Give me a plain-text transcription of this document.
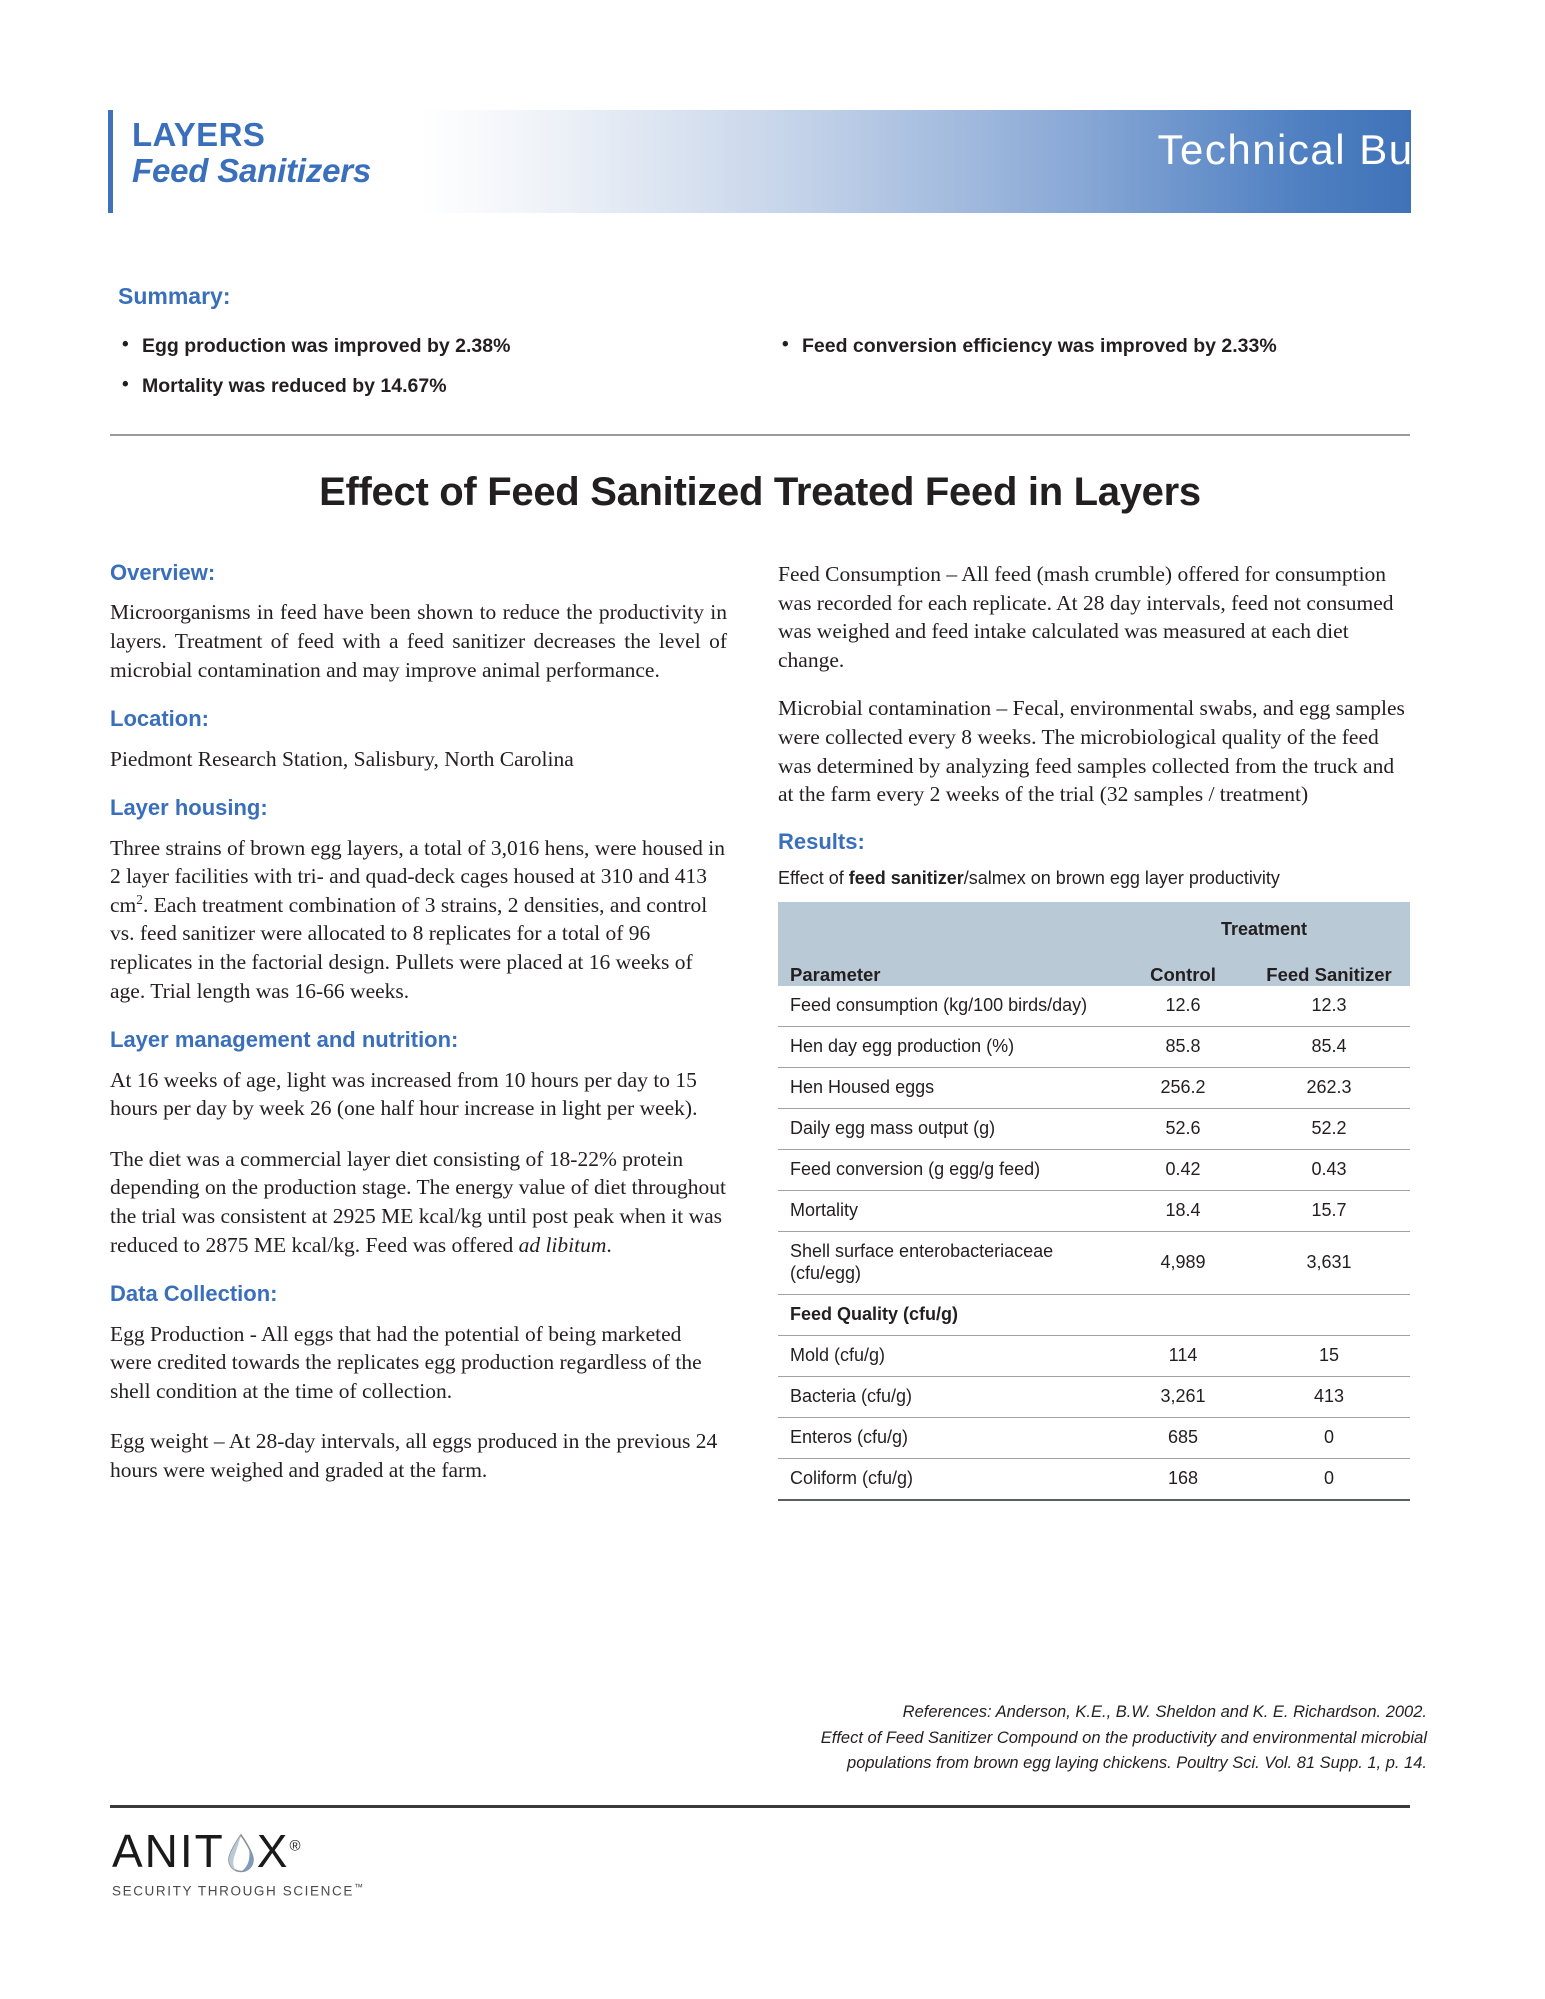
LAYERS
Feed Sanitizers	Technical Bulletin
Summary:
• Egg production was improved by 2.38%
• Mortality was reduced by 14.67%
• Feed conversion efficiency was improved by 2.33%
Effect of Feed Sanitized Treated Feed in Layers
Overview:

Microorganisms in feed have been shown to reduce the productivity in layers. Treatment of feed with a feed sanitizer decreases the level of microbial contamination and may improve animal performance.

Location:

Piedmont Research Station, Salisbury, North Carolina

Layer housing:

Three strains of brown egg layers, a total of 3,016 hens, were housed in 2 layer facilities with tri- and quad-deck cages housed at 310 and 413 $cm^2$. Each treatment combination of 3 strains, 2 densities, and control vs. feed sanitizer were allocated to 8 replicates for a total of 96 replicates in the factorial design. Pullets were placed at 16 weeks of age. Trial length was 16-66 weeks.

Layer management and nutrition:

At 16 weeks of age, light was increased from 10 hours per day to 15 hours per day by week 26 (one half hour increase in light per week).

The diet was a commercial layer diet consisting of 18-22% protein depending on the production stage. The energy value of diet throughout the trial was consistent at 2925 ME kcal/kg until post peak when it was reduced to 2875 ME kcal/kg. Feed was offered ad libitum.

Data Collection:

Egg Production - All eggs that had the potential of being marketed were credited towards the replicates egg production regardless of the shell condition at the time of collection.

Egg weight – At 28-day intervals, all eggs produced in the previous 24 hours were weighed and graded at the farm.

Feed Consumption – All feed (mash crumble) offered for consumption was recorded for each replicate. At 28 day intervals, feed not consumed was weighed and feed intake calculated was measured at each diet change.

Microbial contamination – Fecal, environmental swabs, and egg samples were collected every 8 weeks. The microbiological quality of the feed was determined by analyzing feed samples collected from the truck and at the farm every 2 weeks of the trial (32 samples / treatment)

Results:
Effect of feed sanitizer/salmex on brown egg layer productivity
	Treatment	
Parameter	Control	Feed Sanitizer
Feed consumption (kg/100 birds/day)	12.6	12.3
Hen day egg production (%)	85.8	85.4
Hen Housed eggs	256.2	262.3
Daily egg mass output (g)	52.6	52.2
Feed conversion (g egg/g feed)	0.42	0.43
Mortality	18.4	15.7
Shell surface enterobacteriaceae (cfu/egg)	4,989	3,631
Feed Quality (cfu/g)		
Mold (cfu/g)	114	15
Bacteria (cfu/g)	3,261	413
Enteros (cfu/g)	685	0
Coliform (cfu/g)	168	0
References: Anderson, K.E., B.W. Sheldon and K. E. Richardson. 2002.
Effect of Feed Sanitizer Compound on the productivity and environmental microbial
populations from brown egg laying chickens. Poultry Sci. Vol. 81 Supp. 1, p. 14.
ANIT X®
SECURITY THROUGH SCIENCE™
